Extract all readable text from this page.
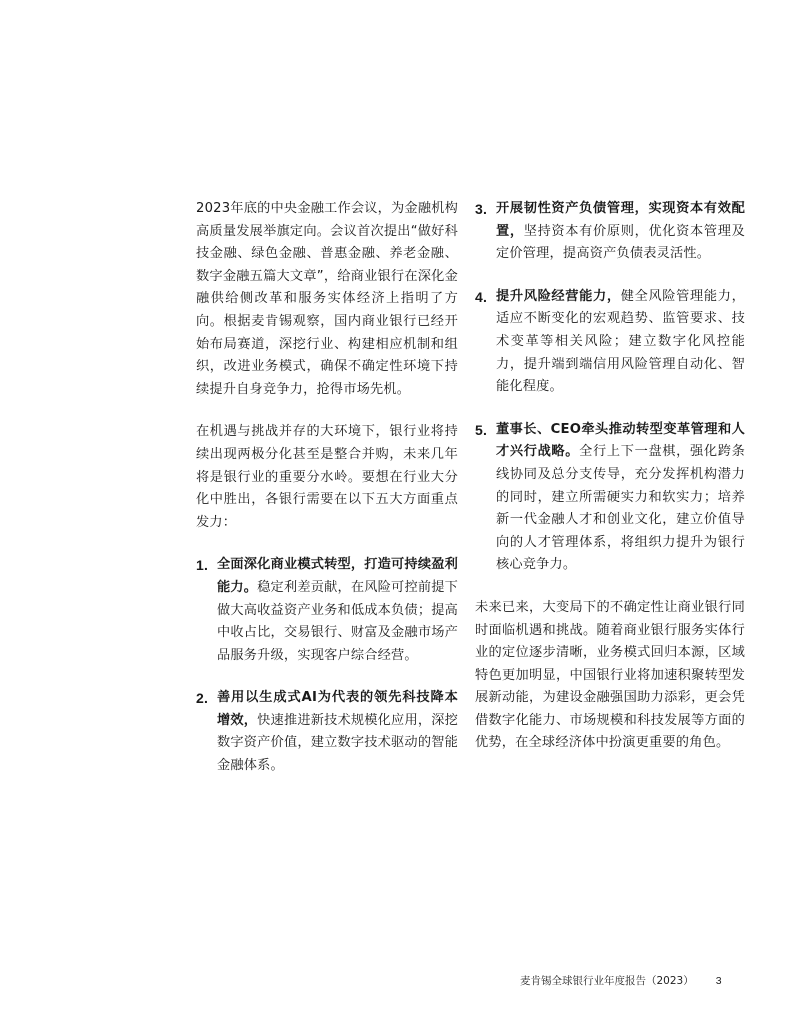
2023年底的中央金融工作会议，为金融机构高质量发展举旗定向。会议首次提出“做好科技金融、绿色金融、普惠金融、养老金融、数字金融五篇大文章”，给商业银行在深化金融供给侧改革和服务实体经济上指明了方向。根据麦肯锡观察，国内商业银行已经开始布局赛道，深挖行业、构建相应机制和组织，改进业务模式，确保不确定性环境下持续提升自身竞争力，抢得市场先机。

在机遇与挑战并存的大环境下，银行业将持续出现两极分化甚至是整合并购，未来几年将是银行业的重要分水岭。要想在行业大分化中胜出，各银行需要在以下五大方面重点发力：

1. 全面深化商业模式转型，打造可持续盈利能力。稳定利差贡献，在风险可控前提下做大高收益资产业务和低成本负债；提高中收占比，交易银行、财富及金融市场产品服务升级，实现客户综合经营。
2. 善用以生成式AI为代表的领先科技降本增效，快速推进新技术规模化应用，深挖数字资产价值，建立数字技术驱动的智能金融体系。
3. 开展韧性资产负债管理，实现资本有效配置，坚持资本有价原则，优化资本管理及定价管理，提高资产负债表灵活性。
4. 提升风险经营能力，健全风险管理能力，适应不断变化的宏观趋势、监管要求、技术变革等相关风险；建立数字化风控能力，提升端到端信用风险管理自动化、智能化程度。
5. 董事长、CEO牵头推动转型变革管理和人才兴行战略。全行上下一盘棋，强化跨条线协同及总分支传导，充分发挥机构潜力的同时，建立所需硬实力和软实力；培养新一代金融人才和创业文化，建立价值导向的人才管理体系，将组织力提升为银行核心竞争力。

未来已来，大变局下的不确定性让商业银行同时面临机遇和挑战。随着商业银行服务实体行业的定位逐步清晰，业务模式回归本源，区域特色更加明显，中国银行业将加速积聚转型发展新动能，为建设金融强国助力添彩，更会凭借数字化能力、市场规模和科技发展等方面的优势，在全球经济体中扮演更重要的角色。

麦肯锡全球银行业年度报告（2023） 3
